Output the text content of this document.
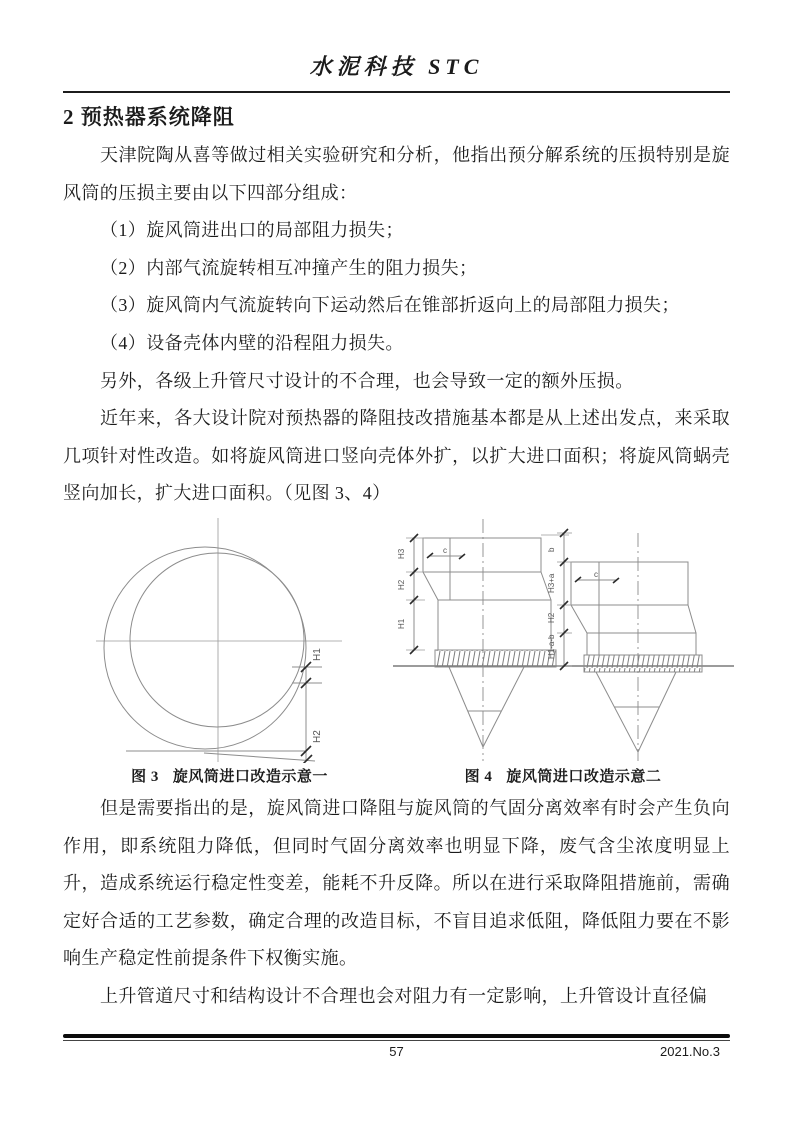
水泥科技 STC
2 预热器系统降阻

天津院陶从喜等做过相关实验研究和分析，他指出预分解系统的压损特别是旋风筒的压损主要由以下四部分组成：

（1）旋风筒进出口的局部阻力损失；

（2）内部气流旋转相互冲撞产生的阻力损失；

（3）旋风筒内气流旋转向下运动然后在锥部折返向上的局部阻力损失；

（4）设备壳体内壁的沿程阻力损失。

另外，各级上升管尺寸设计的不合理，也会导致一定的额外压损。

近年来，各大设计院对预热器的降阻技改措施基本都是从上述出发点，来采取几项针对性改造。如将旋风筒进口竖向壳体外扩，以扩大进口面积；将旋风筒蜗壳竖向加长，扩大进口面积。（见图 3、4）

H1
H2
图 3 旋风筒进口改造示意一
H3
H2
H1
c	b
H3+a
H2
H1-a-b
c
图 4 旋风筒进口改造示意二

但是需要指出的是，旋风筒进口降阻与旋风筒的气固分离效率有时会产生负向作用，即系统阻力降低，但同时气固分离效率也明显下降，废气含尘浓度明显上升，造成系统运行稳定性变差，能耗不升反降。所以在进行采取降阻措施前，需确定好合适的工艺参数，确定合理的改造目标，不盲目追求低阻，降低阻力要在不影响生产稳定性前提条件下权衡实施。

上升管道尺寸和结构设计不合理也会对阻力有一定影响，上升管设计直径偏

57	2021.No.3
